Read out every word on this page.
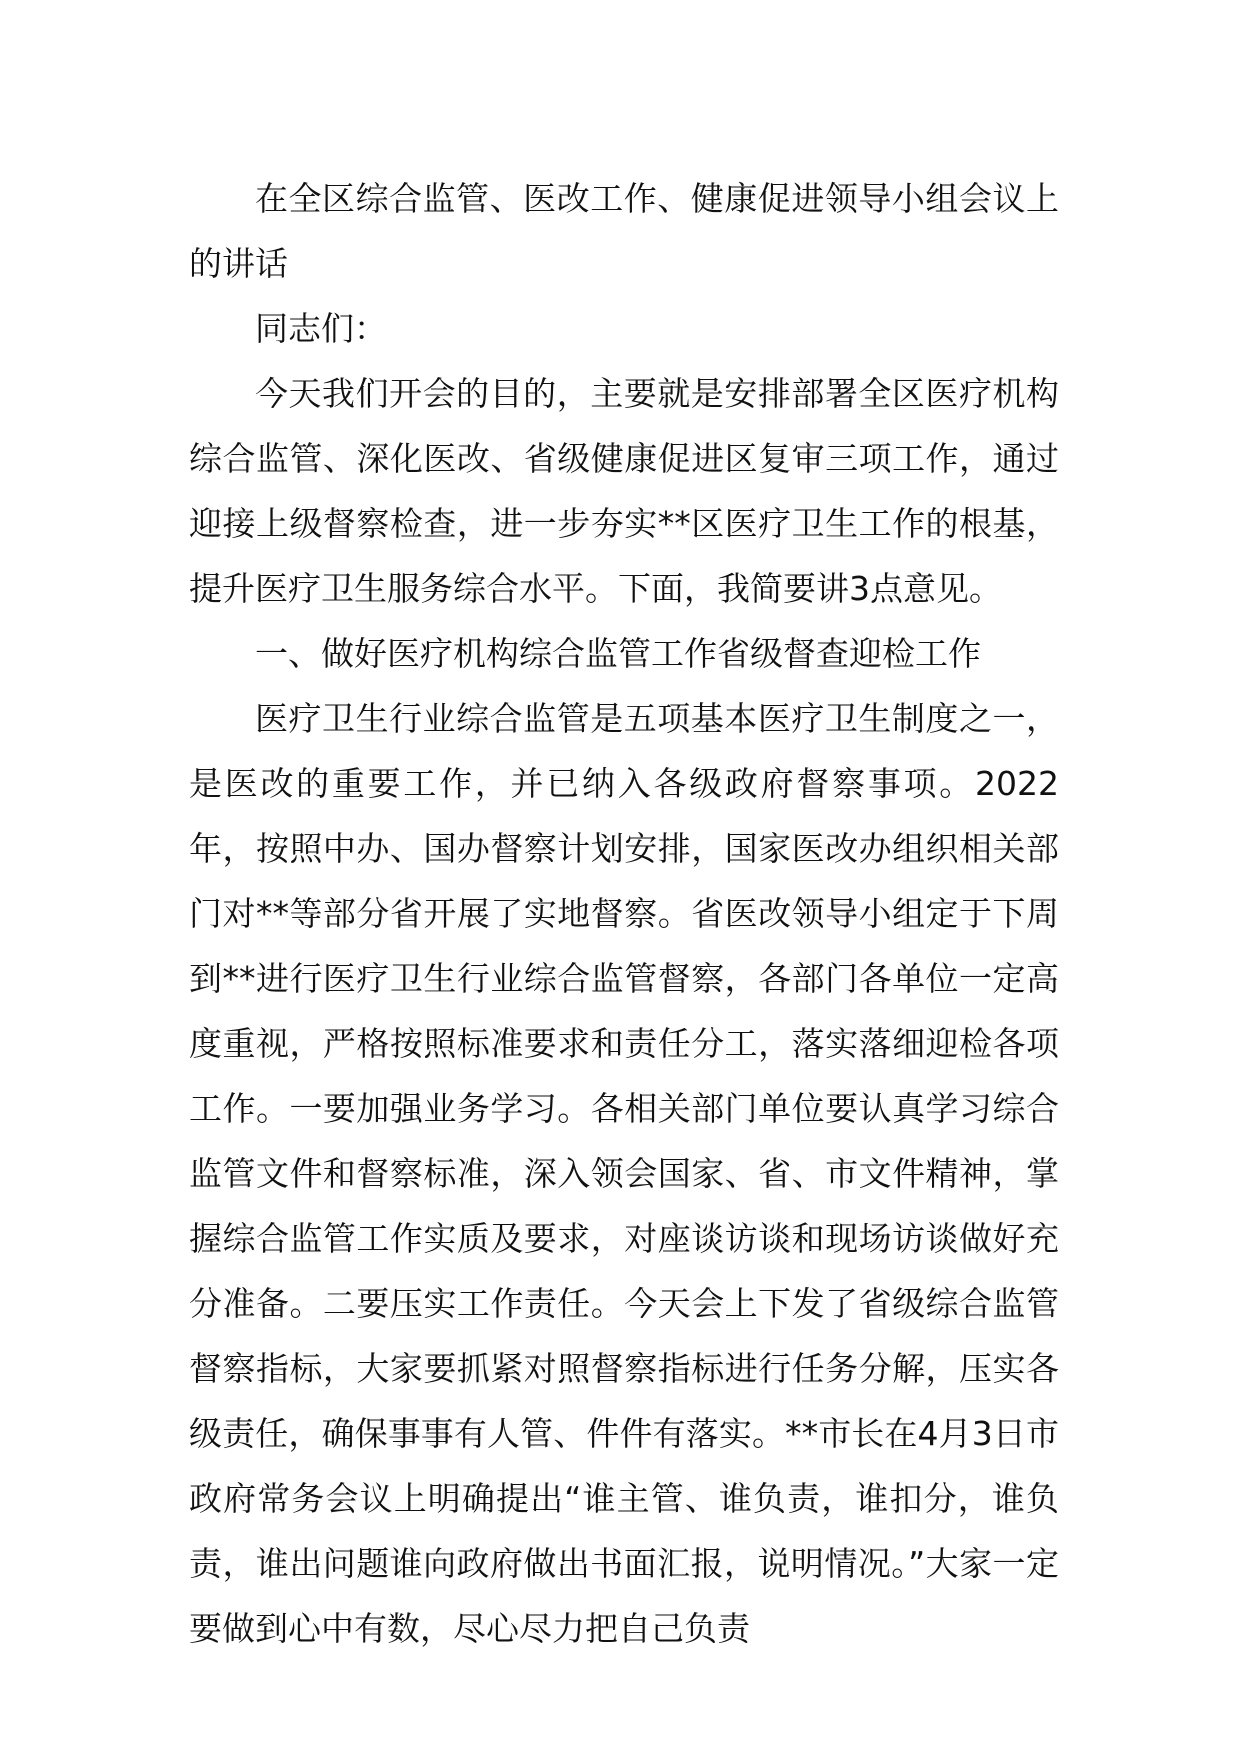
在全区综合监管、医改工作、健康促进领导小组会议上的讲话

同志们：

今天我们开会的目的，主要就是安排部署全区医疗机构综合监管、深化医改、省级健康促进区复审三项工作，通过迎接上级督察检查，进一步夯实**区医疗卫生工作的根基，提升医疗卫生服务综合水平。下面，我简要讲3点意见。

一、做好医疗机构综合监管工作省级督查迎检工作

医疗卫生行业综合监管是五项基本医疗卫生制度之一，是医改的重要工作，并已纳入各级政府督察事项。2022年，按照中办、国办督察计划安排，国家医改办组织相关部门对**等部分省开展了实地督察。省医改领导小组定于下周到**进行医疗卫生行业综合监管督察，各部门各单位一定高度重视，严格按照标准要求和责任分工，落实落细迎检各项工作。一要加强业务学习。各相关部门单位要认真学习综合监管文件和督察标准，深入领会国家、省、市文件精神，掌握综合监管工作实质及要求，对座谈访谈和现场访谈做好充分准备。二要压实工作责任。今天会上下发了省级综合监管督察指标，大家要抓紧对照督察指标进行任务分解，压实各级责任，确保事事有人管、件件有落实。**市长在4月3日市政府常务会议上明确提出“谁主管、谁负责，谁扣分，谁负责，谁出问题谁向政府做出书面汇报，说明情况。”大家一定要做到心中有数，尽心尽力把自己负责
